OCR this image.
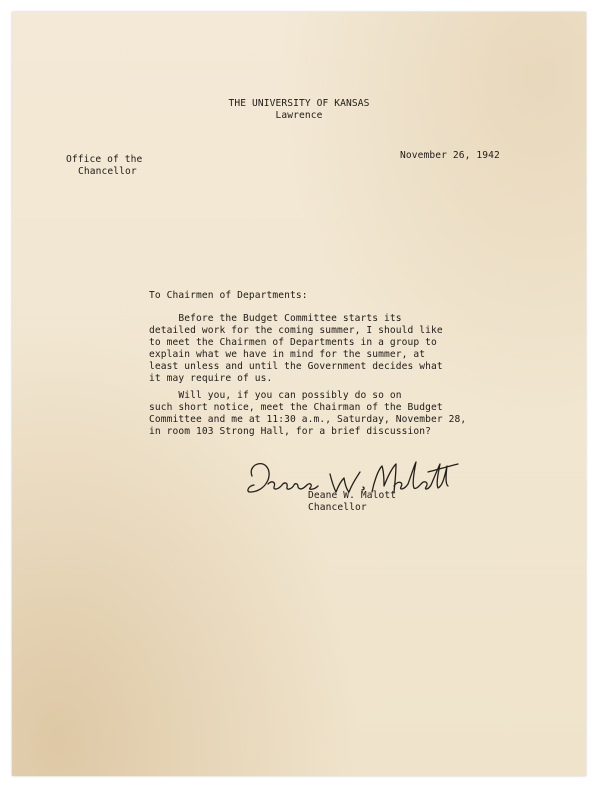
THE UNIVERSITY OF KANSAS
Lawrence
Office of the
Chancellor
November 26, 1942
To Chairmen of Departments:
Before the Budget Committee starts its
detailed work for the coming summer, I should like
to meet the Chairmen of Departments in a group to
explain what we have in mind for the summer, at
least unless and until the Government decides what
it may require of us.
Will you, if you can possibly do so on
such short notice, meet the Chairman of the Budget
Committee and me at 11:30 a.m., Saturday, November 28,
in room 103 Strong Hall, for a brief discussion?
Deane W. Malott
Chancellor
